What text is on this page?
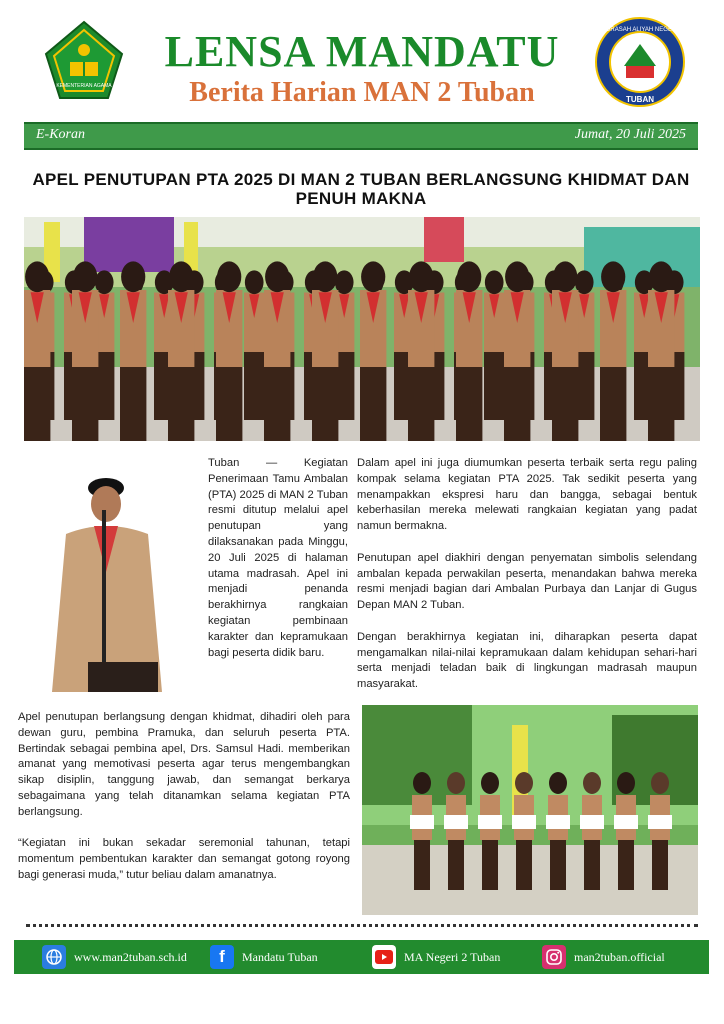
KEMENTERIAN AGAMA
LENSA MANDATU
Berita Harian MAN 2 Tuban
MADRASAH ALIYAH NEGERI 2
TUBAN
E-Koran	Jumat, 20 Juli 2025
APEL PENUTUPAN PTA 2025 DI MAN 2 TUBAN BERLANGSUNG KHIDMAT DAN PENUH MAKNA
Tuban — Kegiatan Penerimaan Tamu Ambalan (PTA) 2025 di MAN 2 Tuban resmi ditutup melalui apel penutupan yang dilaksanakan pada Minggu, 20 Juli 2025 di halaman utama madrasah. Apel ini menjadi penanda berakhirnya rangkaian kegiatan pembinaan karakter dan kepramukaan bagi peserta didik baru.

Dalam apel ini juga diumumkan peserta terbaik serta regu paling kompak selama kegiatan PTA 2025. Tak sedikit peserta yang menampakkan ekspresi haru dan bangga, sebagai bentuk keberhasilan mereka melewati rangkaian kegiatan yang padat namun bermakna.

Penutupan apel diakhiri dengan penyematan simbolis selendang ambalan kepada perwakilan peserta, menandakan bahwa mereka resmi menjadi bagian dari Ambalan Purbaya dan Lanjar di Gugus Depan MAN 2 Tuban.

Dengan berakhirnya kegiatan ini, diharapkan peserta dapat mengamalkan nilai-nilai kepramukaan dalam kehidupan sehari-hari serta menjadi teladan baik di lingkungan madrasah maupun masyarakat.

Apel penutupan berlangsung dengan khidmat, dihadiri oleh para dewan guru, pembina Pramuka, dan seluruh peserta PTA. Bertindak sebagai pembina apel, Drs. Samsul Hadi. memberikan amanat yang memotivasi peserta agar terus mengembangkan sikap disiplin, tanggung jawab, dan semangat berkarya sebagaimana yang telah ditanamkan selama kegiatan PTA berlangsung.

“Kegiatan ini bukan sekadar seremonial tahunan, tetapi momentum pembentukan karakter dan semangat gotong royong bagi generasi muda,” tutur beliau dalam amanatnya.

www.man2tuban.sch.id	f	Mandatu Tuban	MA Negeri 2 Tuban	man2tuban.official
